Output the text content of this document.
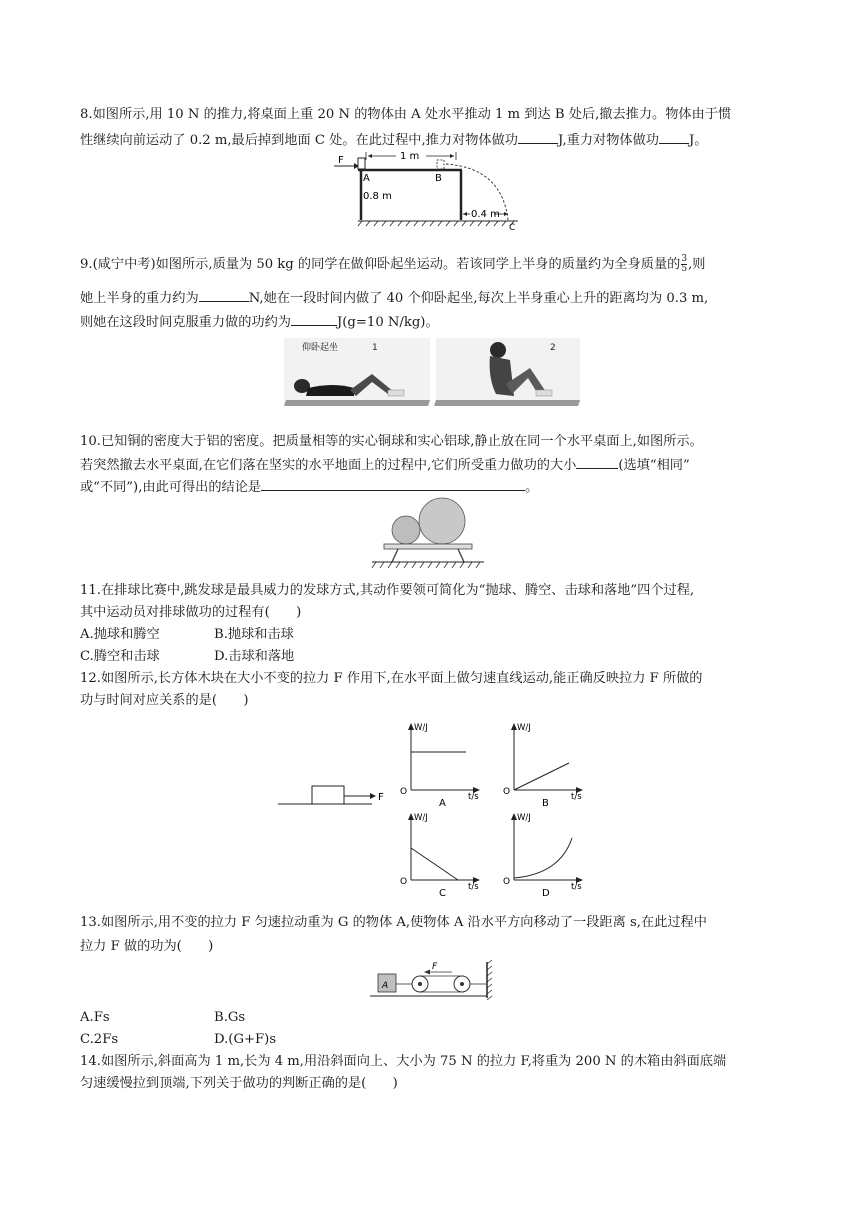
8.如图所示,用 10 N 的推力,将桌面上重 20 N 的物体由 A 处水平推动 1 m 到达 B 处后,撤去推力。物体由于惯
性继续向前运动了 0.2 m,最后掉到地面 C 处。在此过程中,推力对物体做功	J,重力对物体做功 J。
F	1 m
A	B
0.8 m
0.4 m
C
9.(咸宁中考)如图所示,质量为 50 kg 的同学在做仰卧起坐运动。若该同学上半身的质量约为全身质量的 $\frac{3}{5}$ ,则
她上半身的重力约为	N,她在一段时间内做了 40 个仰卧起坐,每次上半身重心上升的距离均为 0.3 m,
则她在这段时间克服重力做的功约为	J(g=10 N/kg)。
仰卧起坐	1	2
10.已知铜的密度大于铝的密度。把质量相等的实心铜球和实心铝球,静止放在同一个水平桌面上,如图所示。
若突然撤去水平桌面,在它们落在坚实的水平地面上的过程中,它们所受重力做功的大小	(选填“相同”
或“不同”),由此可得出的结论是	。
11.在排球比赛中,跳发球是最具威力的发球方式,其动作要领可简化为“抛球、腾空、击球和落地”四个过程,
其中运动员对排球做功的过程有(　　)
A.抛球和腾空	B.抛球和击球
C.腾空和击球	D.击球和落地
12.如图所示,长方体木块在大小不变的拉力 F 作用下,在水平面上做匀速直线运动,能正确反映拉力 F 所做的
功与时间对应关系的是(　　)
F
W/J
t/s
O
A
W/J
t/s
O
B
W/J
t/s
O
C
W/J
t/s
O
D
13.如图所示,用不变的拉力 F 匀速拉动重为 G 的物体 A,使物体 A 沿水平方向移动了一段距离 s,在此过程中
拉力 F 做的功为(　　)
A
F
A.Fs	B.Gs
C.2Fs	D.(G+F)s
14.如图所示,斜面高为 1 m,长为 4 m,用沿斜面向上、大小为 75 N 的拉力 F,将重为 200 N 的木箱由斜面底端
匀速缓慢拉到顶端,下列关于做功的判断正确的是(　　)
